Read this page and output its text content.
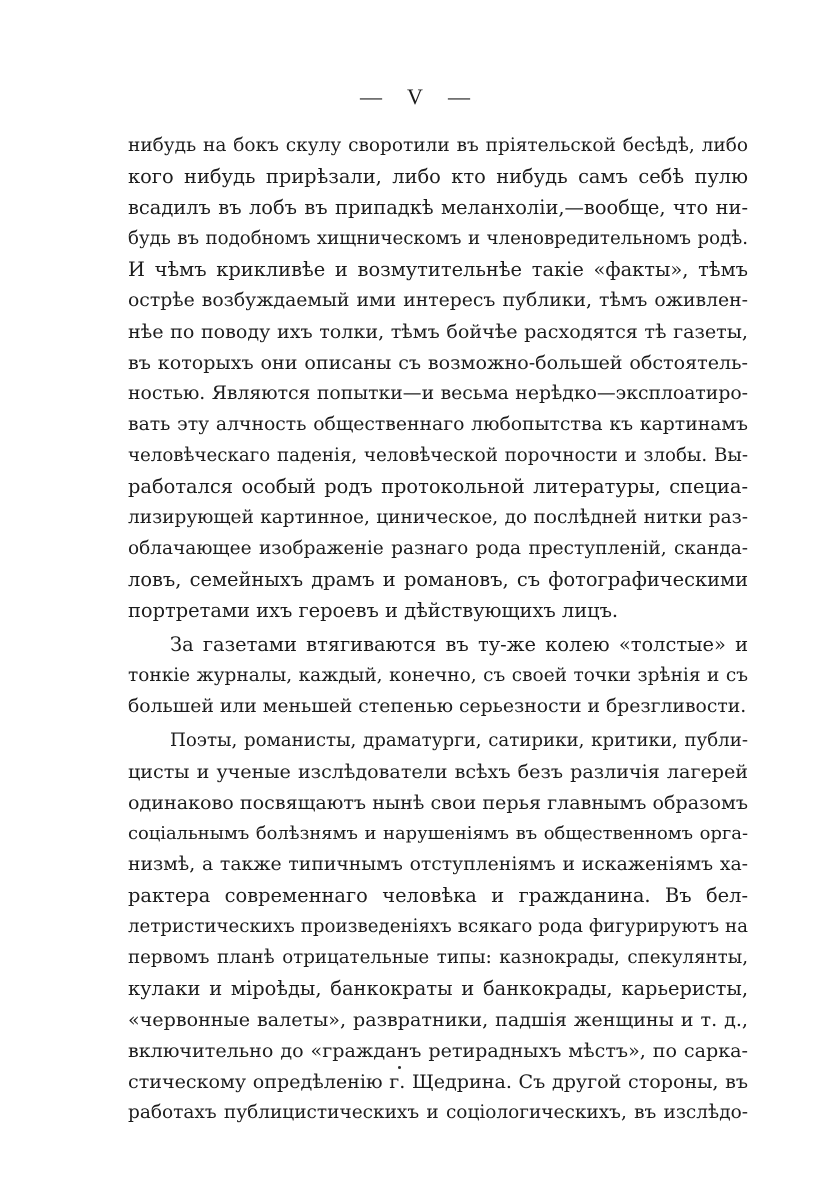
— V —
нибудь на бокъ скулу своротили въ прiятельской бесѣдѣ, либо
кого нибудь прирѣзали, либо кто нибудь самъ себѣ пулю
всадилъ въ лобъ въ припадкѣ меланхолiи,—вообще, что ни-
будь въ подобномъ хищническомъ и членовредительномъ родѣ.
И чѣмъ крикливѣе и возмутительнѣе такiе «факты», тѣмъ
острѣе возбуждаемый ими интересъ публики, тѣмъ оживлен-
нѣе по поводу ихъ толки, тѣмъ бойчѣе расходятся тѣ газеты,
въ которыхъ они описаны съ возможно-большей обстоятель-
ностью. Являются попытки—и весьма нерѣдко—эксплоатиро-
вать эту алчность общественнаго любопытства къ картинамъ
человѣческаго паденiя, человѣческой порочности и злобы. Вы-
работался особый родъ протокольной литературы, специа-
лизирующей картинное, циническое, до послѣдней нитки раз-
облачающее изображенiе разнаго рода преступленiй, скандa-
ловъ, семейныхъ драмъ и романовъ, съ фотографическими
портретами ихъ героевъ и дѣйствующихъ лицъ.
За газетами втягиваются въ ту-же колею «толстые» и
тонкiе журналы, каждый, конечно, съ своей точки зрѣнiя и съ
большей или меньшей степенью серьезности и брезгливости.
Поэты, романисты, драматурги, сатирики, критики, публи-
цисты и ученые изслѣдователи всѣхъ безъ различiя лагерей
одинаково посвящаютъ нынѣ свои перья главнымъ образомъ
соцiальнымъ болѣзнямъ и нарушенiямъ въ общественномъ орга-
низмѣ, а также типичнымъ отступленiямъ и искаженiямъ ха-
рактера современнаго человѣка и гражданина. Въ бел-
летристическихъ произведенiяхъ всякаго рода фигурируютъ на
первомъ планѣ отрицательные типы: казнокрады, спекулянты,
кулаки и мiроѣды, банкократы и банкокрады, карьеристы,
«червонные валеты», развратники, падшiя женщины и т. д.,
включительно до «гражданъ ретирадныхъ мѣстъ», по сарка-
стическому опредѣленiю г. Щедрина. Съ другой стороны, въ
работахъ публицистическихъ и соцiологическихъ, въ изслѣдо-
